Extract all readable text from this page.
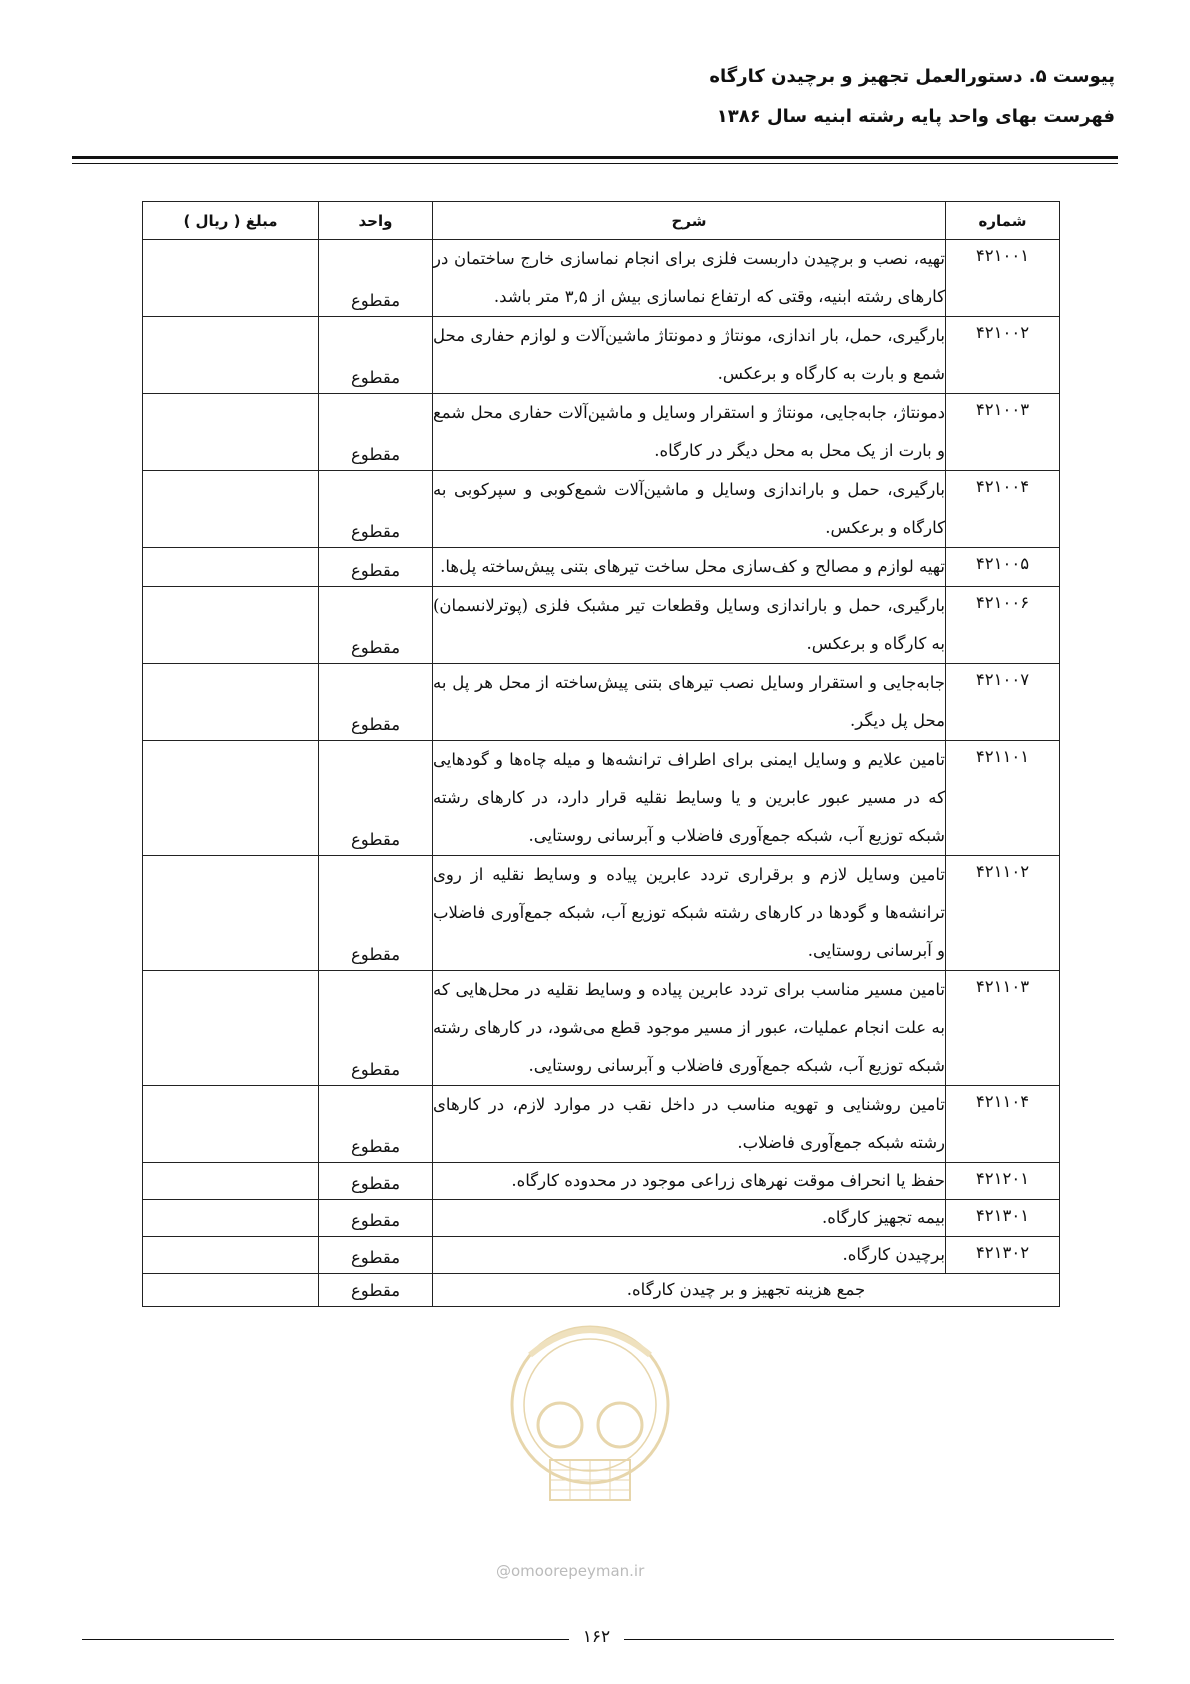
پیوست ۵. دستورالعمل تجهیز و برچیدن کارگاه
فهرست بهای واحد پایه رشته ابنیه سال ۱۳۸۶
شماره	شرح	واحد	مبلغ ( ریال )
۴۲۱۰۰۱	تهیه، نصب و برچیدن داربست فلزی برای انجام نماسازی خارج ساختمان در کارهای رشته ابنیه، وقتی که ارتفاع نماسازی بیش از ۳,۵ متر باشد.	مقطوع	
۴۲۱۰۰۲	بارگیری، حمل، بار اندازی، مونتاژ و دمونتاژ ماشین‌آلات و لوازم حفاری محل شمع و بارت به کارگاه و برعکس.	مقطوع	
۴۲۱۰۰۳	دمونتاژ، جابه‌جایی، مونتاژ و استقرار وسایل و ماشین‌آلات حفاری محل شمع و بارت از یک محل به محل دیگر در کارگاه.	مقطوع	
۴۲۱۰۰۴	بارگیری، حمل و باراندازی وسایل و ماشین‌آلات شمع‌کوبی و سپرکوبی به کارگاه و برعکس.	مقطوع	
۴۲۱۰۰۵	تهیه لوازم و مصالح و کف‌سازی محل ساخت تیرهای بتنی پیش‌ساخته پل‌ها.	مقطوع	
۴۲۱۰۰۶	بارگیری، حمل و باراندازی وسایل وقطعات تیر مشبک فلزی (پوترلانسمان) به کارگاه و برعکس.	مقطوع	
۴۲۱۰۰۷	جابه‌جایی و استقرار وسایل نصب تیرهای بتنی پیش‌ساخته از محل هر پل به محل پل دیگر.	مقطوع	
۴۲۱۱۰۱	تامین علایم و وسایل ایمنی برای اطراف ترانشه‌ها و میله چاه‌ها و گودهایی که در مسیر عبور عابرین و یا وسایط نقلیه قرار دارد، در کارهای رشته شبکه توزیع آب، شبکه جمع‌آوری فاضلاب و آبرسانی روستایی.	مقطوع	
۴۲۱۱۰۲	تامین وسایل لازم و برقراری تردد عابرین پیاده و وسایط نقلیه از روی ترانشه‌ها و گودها در کارهای رشته شبکه توزیع آب، شبکه جمع‌آوری فاضلاب و آبرسانی روستایی.	مقطوع	
۴۲۱۱۰۳	تامین مسیر مناسب برای تردد عابرین پیاده و وسایط نقلیه در محل‌هایی که به علت انجام عملیات، عبور از مسیر موجود قطع می‌شود، در کارهای رشته شبکه توزیع آب، شبکه جمع‌آوری فاضلاب و آبرسانی روستایی.	مقطوع	
۴۲۱۱۰۴	تامین روشنایی و تهویه مناسب در داخل نقب در موارد لازم، در کارهای رشته شبکه جمع‌آوری فاضلاب.	مقطوع	
۴۲۱۲۰۱	حفظ یا انحراف موقت نهرهای زراعی موجود در محدوده کارگاه.	مقطوع	
۴۲۱۳۰۱	بیمه تجهیز کارگاه.	مقطوع	
۴۲۱۳۰۲	برچیدن کارگاه.	مقطوع	
جمع هزینه تجهیز و بر چیدن کارگاه.		مقطوع	
@omoorepeyman.ir
۱۶۲
